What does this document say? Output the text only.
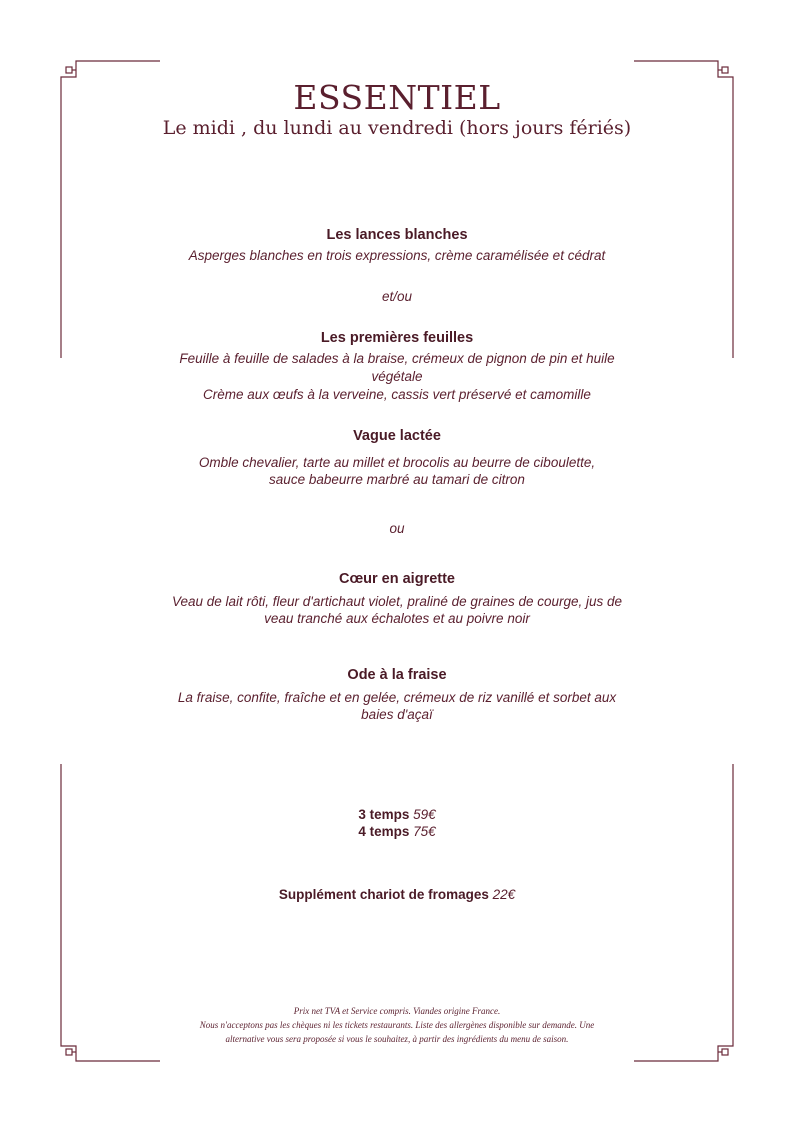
ESSENTIEL
Le midi , du lundi au vendredi (hors jours fériés)
Les lances blanches
Asperges blanches en trois expressions, crème caramélisée et cédrat
et/ou
Les premières feuilles
Feuille à feuille de salades à la braise, crémeux de pignon de pin et huile
végétale
Crème aux œufs à la verveine, cassis vert préservé et camomille
Vague lactée
Omble chevalier, tarte au millet et brocolis au beurre de ciboulette,
sauce babeurre marbré au tamari de citron
ou
Cœur en aigrette
Veau de lait rôti, fleur d'artichaut violet, praliné de graines de courge, jus de
veau tranché aux échalotes et au poivre noir
Ode à la fraise
La fraise, confite, fraîche et en gelée, crémeux de riz vanillé et sorbet aux
baies d'açaï
3 temps 59€
4 temps 75€
Supplément chariot de fromages 22€
Prix net TVA et Service compris. Viandes origine France.
Nous n'acceptons pas les chèques ni les tickets restaurants. Liste des allergènes disponible sur demande. Une
alternative vous sera proposée si vous le souhaitez, à partir des ingrédients du menu de saison.
